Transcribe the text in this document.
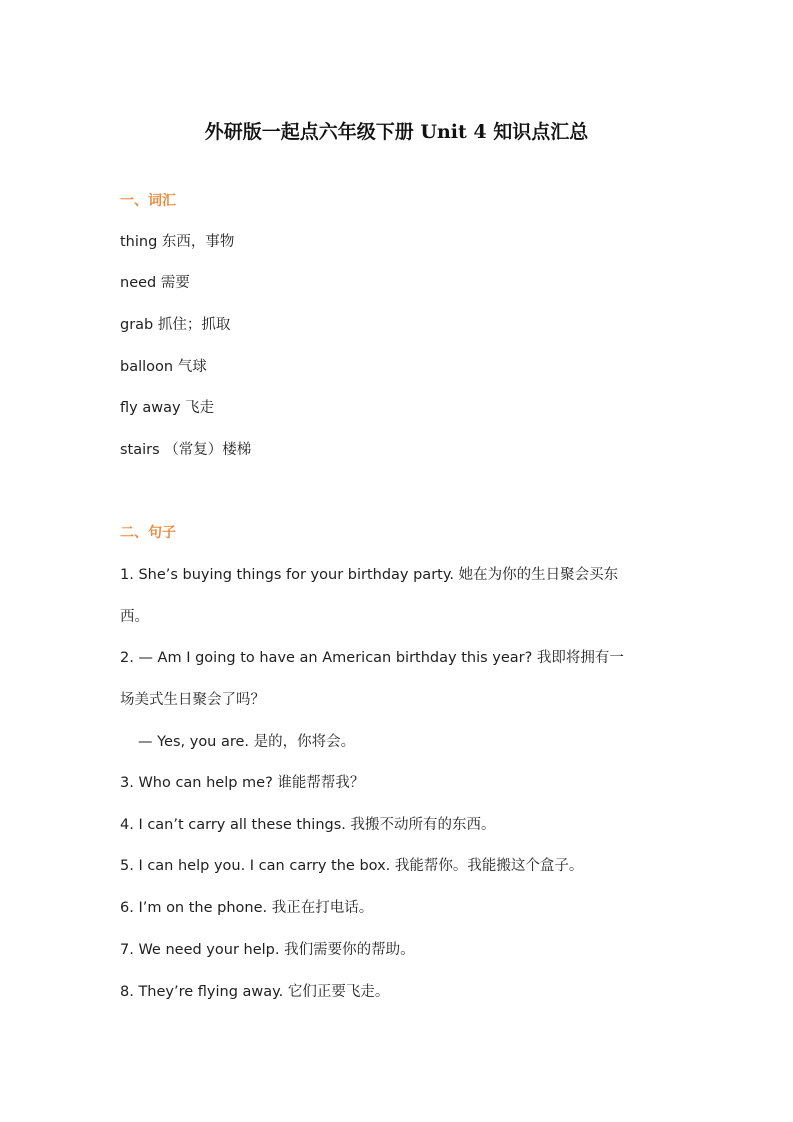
外研版一起点六年级下册 Unit 4 知识点汇总
一、词汇

thing 东西，事物

need 需要

grab 抓住；抓取

balloon 气球

fly away 飞走

stairs （常复）楼梯

二、句子

1. She’s buying things for your birthday party. 她在为你的生日聚会买东

西。

2. — Am I going to have an American birthday this year? 我即将拥有一

场美式生日聚会了吗？

— Yes, you are. 是的，你将会。

3. Who can help me? 谁能帮帮我？

4. I can’t carry all these things. 我搬不动所有的东西。

5. I can help you. I can carry the box. 我能帮你。我能搬这个盒子。

6. I’m on the phone. 我正在打电话。

7. We need your help. 我们需要你的帮助。

8. They’re flying away. 它们正要飞走。
